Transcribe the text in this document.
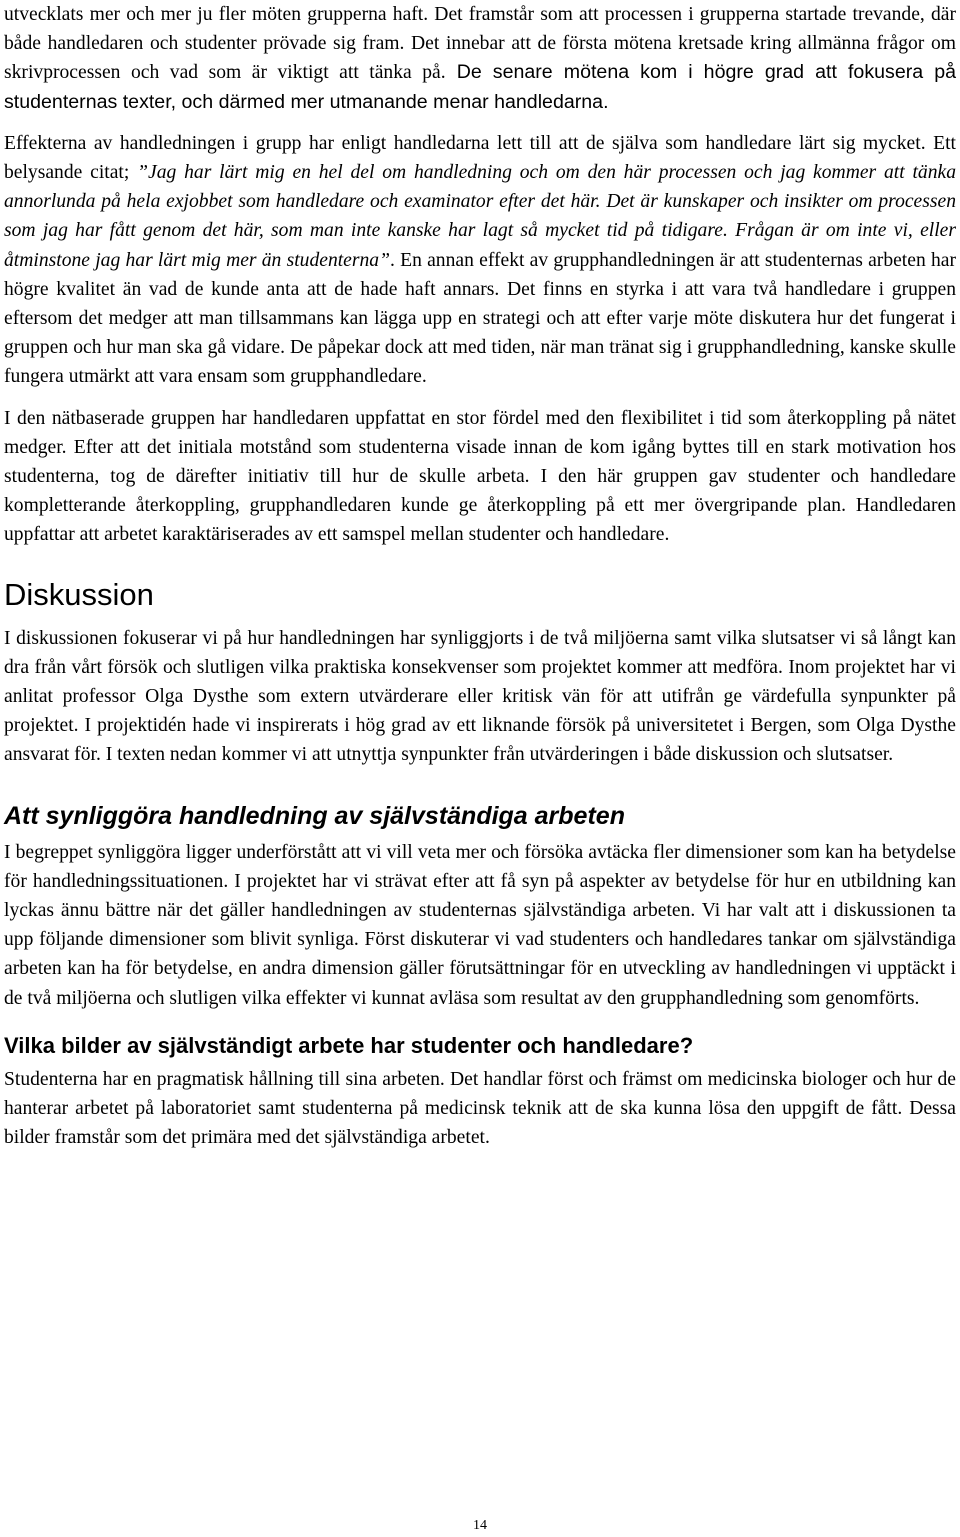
utvecklats mer och mer ju fler möten grupperna haft. Det framstår som att processen i grupperna startade trevande, där både handledaren och studenter prövade sig fram. Det innebar att de första mötena kretsade kring allmänna frågor om skrivprocessen och vad som är viktigt att tänka på. De senare mötena kom i högre grad att fokusera på studenternas texter, och därmed mer utmanande menar handledarna.

Effekterna av handledningen i grupp har enligt handledarna lett till att de själva som handledare lärt sig mycket. Ett belysande citat; ”Jag har lärt mig en hel del om handledning och om den här processen och jag kommer att tänka annorlunda på hela exjobbet som handledare och examinator efter det här. Det är kunskaper och insikter om processen som jag har fått genom det här, som man inte kanske har lagt så mycket tid på tidigare. Frågan är om inte vi, eller åtminstone jag har lärt mig mer än studenterna”. En annan effekt av grupphandledningen är att studenternas arbeten har högre kvalitet än vad de kunde anta att de hade haft annars. Det finns en styrka i att vara två handledare i gruppen eftersom det medger att man tillsammans kan lägga upp en strategi och att efter varje möte diskutera hur det fungerat i gruppen och hur man ska gå vidare. De påpekar dock att med tiden, när man tränat sig i grupphandledning, kanske skulle fungera utmärkt att vara ensam som grupphandledare.

I den nätbaserade gruppen har handledaren uppfattat en stor fördel med den flexibilitet i tid som återkoppling på nätet medger. Efter att det initiala motstånd som studenterna visade innan de kom igång byttes till en stark motivation hos studenterna, tog de därefter initiativ till hur de skulle arbeta. I den här gruppen gav studenter och handledare kompletterande återkoppling, grupphandledaren kunde ge återkoppling på ett mer övergripande plan. Handledaren uppfattar att arbetet karaktäriserades av ett samspel mellan studenter och handledare.

Diskussion

I diskussionen fokuserar vi på hur handledningen har synliggjorts i de två miljöerna samt vilka slutsatser vi så långt kan dra från vårt försök och slutligen vilka praktiska konsekvenser som projektet kommer att medföra. Inom projektet har vi anlitat professor Olga Dysthe som extern utvärderare eller kritisk vän för att utifrån ge värdefulla synpunkter på projektet. I projektidén hade vi inspirerats i hög grad av ett liknande försök på universitetet i Bergen, som Olga Dysthe ansvarat för. I texten nedan kommer vi att utnyttja synpunkter från utvärderingen i både diskussion och slutsatser.

Att synliggöra handledning av självständiga arbeten

I begreppet synliggöra ligger underförstått att vi vill veta mer och försöka avtäcka fler dimensioner som kan ha betydelse för handledningssituationen. I projektet har vi strävat efter att få syn på aspekter av betydelse för hur en utbildning kan lyckas ännu bättre när det gäller handledningen av studenternas självständiga arbeten. Vi har valt att i diskussionen ta upp följande dimensioner som blivit synliga. Först diskuterar vi vad studenters och handledares tankar om självständiga arbeten kan ha för betydelse, en andra dimension gäller förutsättningar för en utveckling av handledningen vi upptäckt i de två miljöerna och slutligen vilka effekter vi kunnat avläsa som resultat av den grupphandledning som genomförts.

Vilka bilder av självständigt arbete har studenter och handledare?

Studenterna har en pragmatisk hållning till sina arbeten. Det handlar först och främst om medicinska biologer och hur de hanterar arbetet på laboratoriet samt studenterna på medicinsk teknik att de ska kunna lösa den uppgift de fått. Dessa bilder framstår som det primära med det självständiga arbetet.

14
